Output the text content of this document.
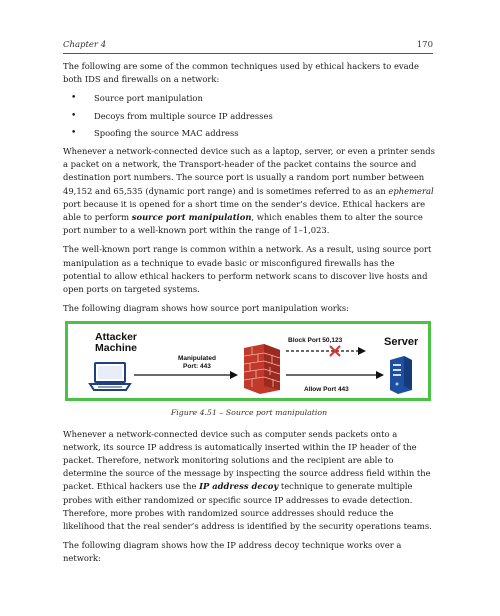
Chapter 4	170

The following are some of the common techniques used by ethical hackers to evade both IDS and firewalls on a network:

• Source port manipulation
• Decoys from multiple source IP addresses
• Spoofing the source MAC address

Whenever a network-connected device such as a laptop, server, or even a printer sends a packet on a network, the Transport-header of the packet contains the source and destination port numbers. The source port is usually a random port number between 49,152 and 65,535 (dynamic port range) and is sometimes referred to as an ephemeral port because it is opened for a short time on the sender’s device. Ethical hackers are able to perform source port manipulation, which enables them to alter the source port number to a well-known port within the range of 1–1,023.

The well-known port range is common within a network. As a result, using source port manipulation as a technique to evade basic or misconfigured firewalls has the potential to allow ethical hackers to perform network scans to discover live hosts and open ports on targeted systems.

The following diagram shows how source port manipulation works:

Attacker
Machine
Manipulated
Port: 443
Block Port 50,123
Allow Port 443
Server
Figure 4.51 – Source port manipulation

Whenever a network-connected device such as computer sends packets onto a network, its source IP address is automatically inserted within the IP header of the packet. Therefore, network monitoring solutions and the recipient are able to determine the source of the message by inspecting the source address field within the packet. Ethical hackers use the IP address decoy technique to generate multiple probes with either randomized or specific source IP addresses to evade detection. Therefore, more probes with randomized source addresses should reduce the likelihood that the real sender’s address is identified by the security operations teams.

The following diagram shows how the IP address decoy technique works over a network:
